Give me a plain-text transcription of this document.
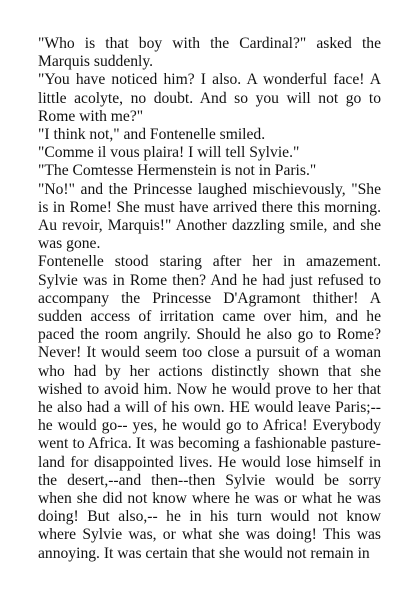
"Who is that boy with the Cardinal?" asked the Marquis suddenly.

"You have noticed him? I also. A wonderful face! A little acolyte, no doubt. And so you will not go to Rome with me?"

"I think not," and Fontenelle smiled.

"Comme il vous plaira! I will tell Sylvie."

"The Comtesse Hermenstein is not in Paris."

"No!" and the Princesse laughed mischievously, "She is in Rome! She must have arrived there this morning. Au revoir, Marquis!" Another dazzling smile, and she was gone.

Fontenelle stood staring after her in amazement. Sylvie was in Rome then? And he had just refused to accompany the Princesse D'Agramont thither! A sudden access of irritation came over him, and he paced the room angrily. Should he also go to Rome? Never! It would seem too close a pursuit of a woman who had by her actions distinctly shown that she wished to avoid him. Now he would prove to her that he also had a will of his own. HE would leave Paris;--he would go-- yes, he would go to Africa! Everybody went to Africa. It was becoming a fashionable pasture-land for disappointed lives. He would lose himself in the desert,--and then--then Sylvie would be sorry when she did not know where he was or what he was doing! But also,-- he in his turn would not know where Sylvie was, or what she was doing! This was annoying. It was certain that she would not remain in
